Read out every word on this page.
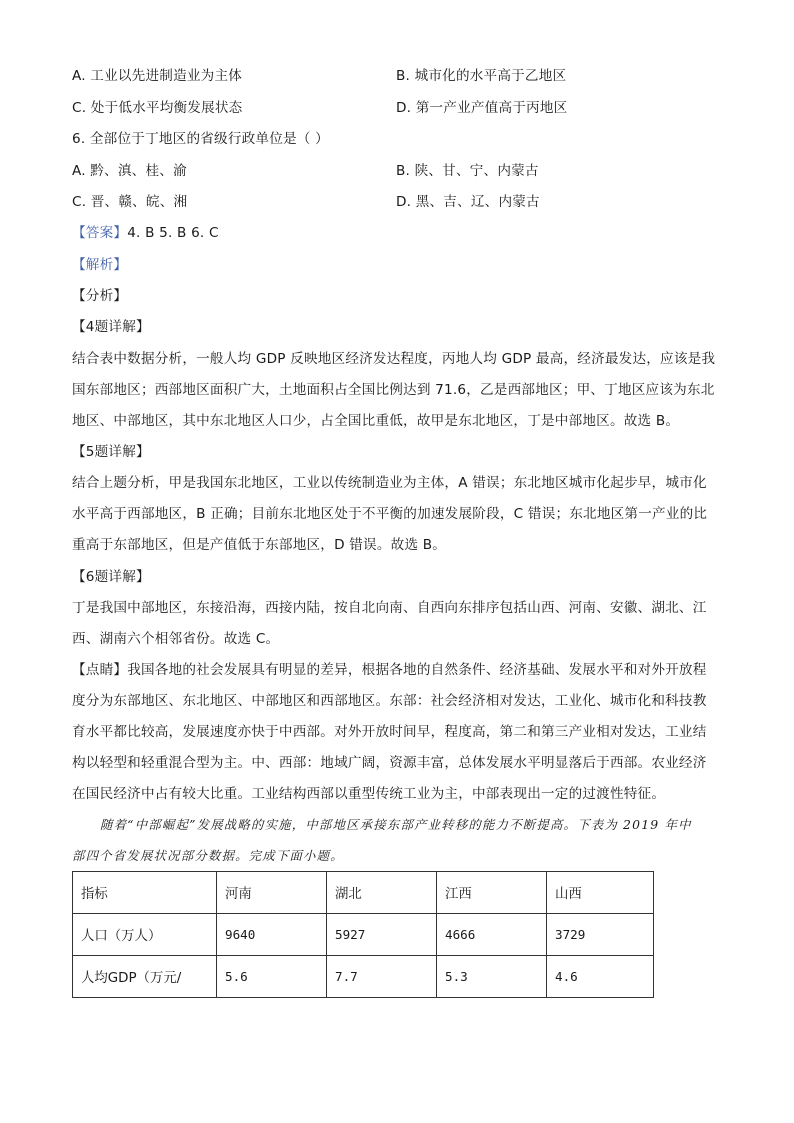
A. 工业以先进制造业为主体	B. 城市化的水平高于乙地区
C. 处于低水平均衡发展状态	D. 第一产业产值高于丙地区
6. 全部位于丁地区的省级行政单位是（ ）
A. 黔、滇、桂、渝	B. 陕、甘、宁、内蒙古
C. 晋、赣、皖、湘	D. 黑、吉、辽、内蒙古
【答案】4. B 5. B 6. C
【解析】
【分析】
【4题详解】
结合表中数据分析，一般人均 GDP 反映地区经济发达程度，丙地人均 GDP 最高，经济最发达，应该是我
国东部地区；西部地区面积广大，土地面积占全国比例达到 71.6，乙是西部地区；甲、丁地区应该为东北
地区、中部地区，其中东北地区人口少，占全国比重低，故甲是东北地区，丁是中部地区。故选 B。
【5题详解】
结合上题分析，甲是我国东北地区，工业以传统制造业为主体，A 错误；东北地区城市化起步早，城市化
水平高于西部地区，B 正确；目前东北地区处于不平衡的加速发展阶段，C 错误；东北地区第一产业的比
重高于东部地区，但是产值低于东部地区，D 错误。故选 B。
【6题详解】
丁是我国中部地区，东接沿海，西接内陆，按自北向南、自西向东排序包括山西、河南、安徽、湖北、江
西、湖南六个相邻省份。故选 C。
【点睛】我国各地的社会发展具有明显的差异，根据各地的自然条件、经济基础、发展水平和对外开放程
度分为东部地区、东北地区、中部地区和西部地区。东部：社会经济相对发达，工业化、城市化和科技教
育水平都比较高，发展速度亦快于中西部。对外开放时间早，程度高，第二和第三产业相对发达，工业结
构以轻型和轻重混合型为主。中、西部：地域广阔，资源丰富，总体发展水平明显落后于西部。农业经济
在国民经济中占有较大比重。工业结构西部以重型传统工业为主，中部表现出一定的过渡性特征。
随着“中部崛起”发展战略的实施，中部地区承接东部产业转移的能力不断提高。下表为 2019 年中
部四个省发展状况部分数据。完成下面小题。
指标	河南	湖北	江西	山西
人口（万人）	9640	5927	4666	3729
人均GDP（万元/	5.6	7.7	5.3	4.6
